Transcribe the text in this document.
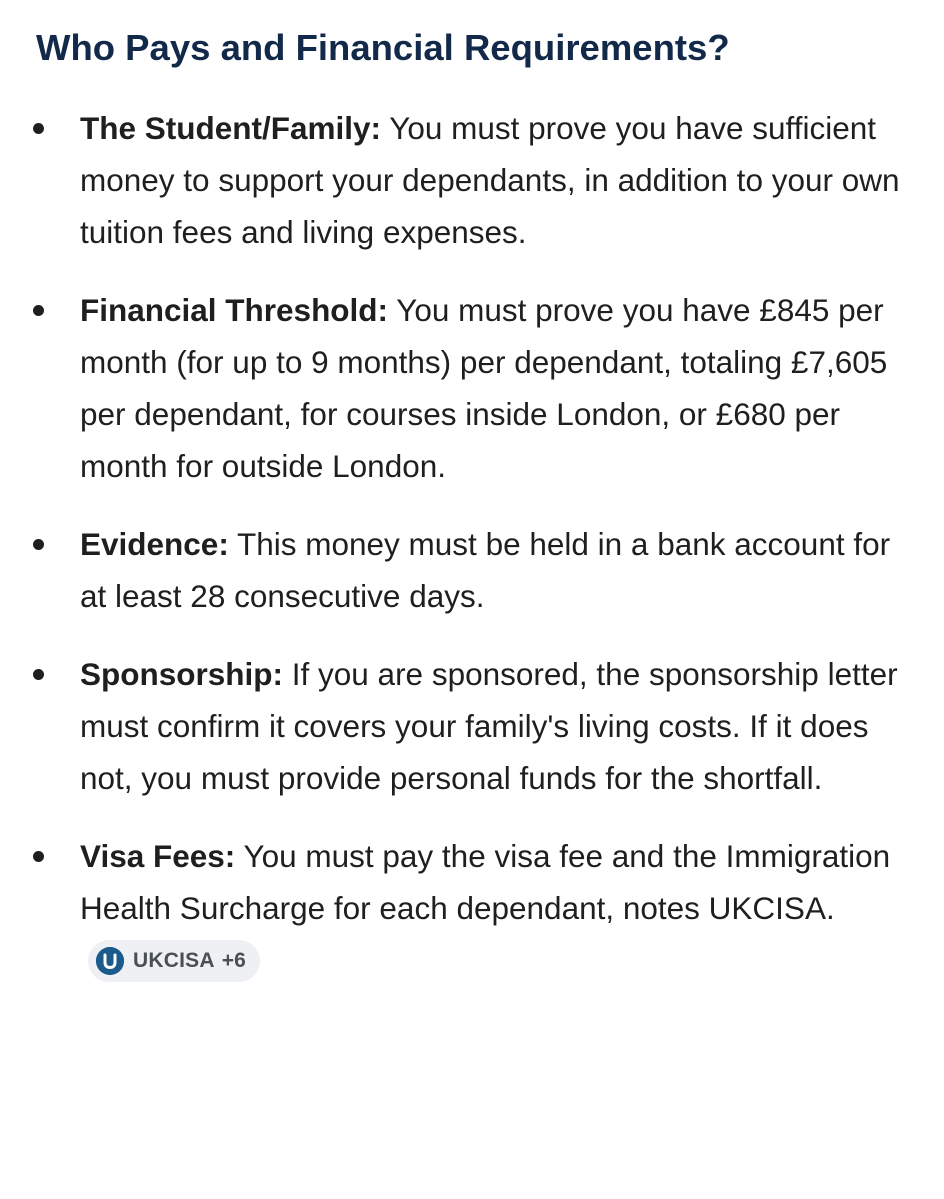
Who Pays and Financial Requirements?
The Student/Family: You must prove you have sufficient money to support your dependants, in addition to your own tuition fees and living expenses.
Financial Threshold: You must prove you have £845 per month (for up to 9 months) per dependant, totaling £7,605 per dependant, for courses inside London, or £680 per month for outside London.
Evidence: This money must be held in a bank account for at least 28 consecutive days.
Sponsorship: If you are sponsored, the sponsorship letter must confirm it covers your family's living costs. If it does not, you must provide personal funds for the shortfall.
Visa Fees: You must pay the visa fee and the Immigration Health Surcharge for each dependant, notes UKCISA.
UKCISA +6
